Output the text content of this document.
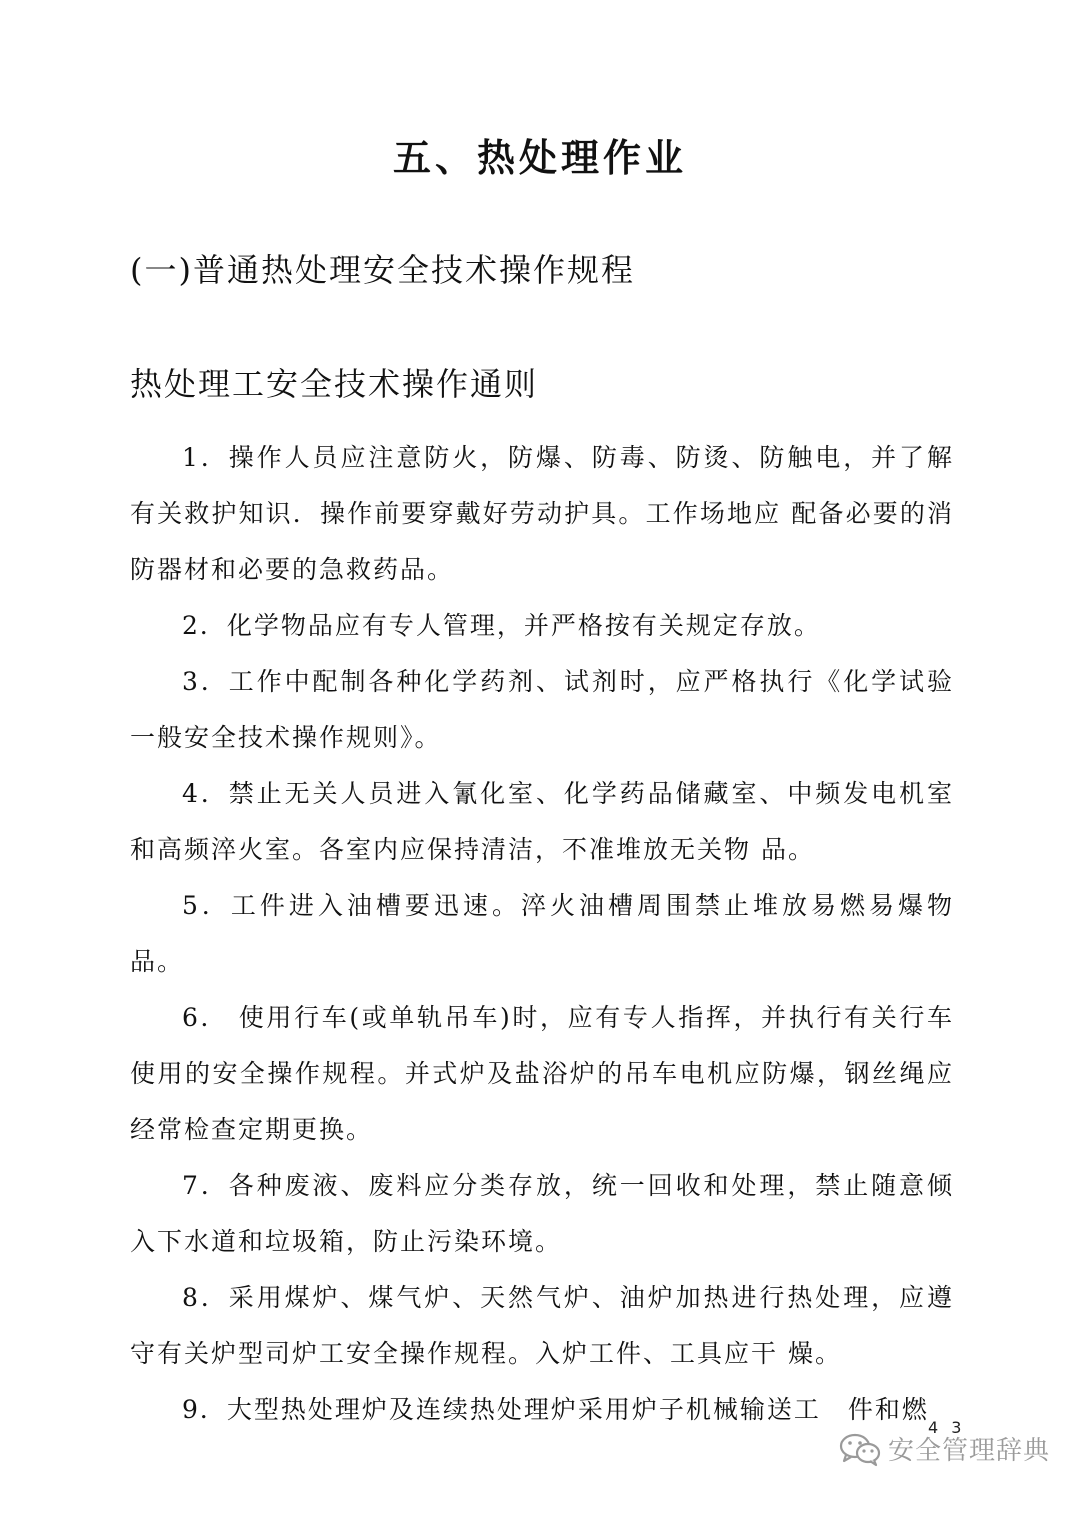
五、热处理作业
(一)普通热处理安全技术操作规程
热处理工安全技术操作通则

1．操作人员应注意防火，防爆、防毒、防烫、防触电，并了解有关救护知识．操作前要穿戴好劳动护具。工作场地应 配备必要的消防器材和必要的急救药品。

2．化学物品应有专人管理，并严格按有关规定存放。

3．工作中配制各种化学药剂、试剂时，应严格执行《化学试验一般安全技术操作规则》。

4．禁止无关人员进入氰化室、化学药品储藏室、中频发电机室和高频淬火室。各室内应保持清洁，不准堆放无关物 品。

5．工件进入油槽要迅速。淬火油槽周围禁止堆放易燃易爆物品。

6． 使用行车(或单轨吊车)时，应有专人指挥，并执行有关行车使用的安全操作规程。并式炉及盐浴炉的吊车电机应防爆，钢丝绳应经常检查定期更换。

7．各种废液、废料应分类存放，统一回收和处理，禁止随意倾入下水道和垃圾箱，防止污染环境。

8．采用煤炉、煤气炉、天然气炉、油炉加热进行热处理，应遵守有关炉型司炉工安全操作规程。入炉工件、工具应干 燥。

9．大型热处理炉及连续热处理炉采用炉子机械输送工　件和燃

4 3
安全管理辞典
